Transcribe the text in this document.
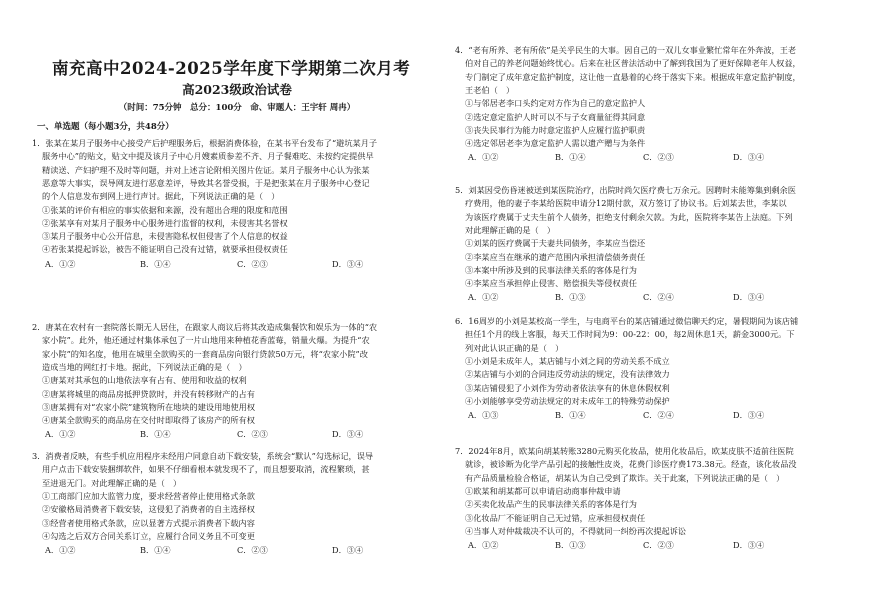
南充高中2024-2025学年度下学期第二次月考
高2023级政治试卷
（时间：75分钟　总分：100分　命、审题人：王宇轩 周冉）
一、单选题（每小题3分，共48分）
1．张某在某月子服务中心接受产后护理服务后，根据消费体验，在某书平台发布了“避坑某月子
服务中心”的贴文，贴文中提及该月子中心月嫂素质参差不齐、月子餐难吃、未按约定提供早
精读送、产妇护理不及时等问题，并对上述言论附相关图片佐证。某月子服务中心认为张某
恶意等大事实，误导网友进行恶意差评，导致其名誉受损，于是把张某在月子服务中心登记
的个人信息发布到网上进行声讨。据此，下列说法正确的是（　）
①张某的评价有相应的事实依据和来源，没有超出合理的限度和范围
②张某享有对某月子服务中心服务进行监督的权利，未侵害其名誉权
③某月子服务中心公开信息，未侵害隐私权但侵害了个人信息的权益
④若张某提起诉讼，被告不能证明自己没有过错，就要承担侵权责任
A．①②	B．①④	C．②③	D．③④
2．唐某在农村有一套院落长期无人居住，在跟家人商议后将其改造成集餐饮和娱乐为一体的“农
家小院”。此外，他还通过村集体承包了一片山地用来种植花香蓝莓，销量火爆。为提升“农
家小院”的知名度，他用在城里全款购买的一套商品房向银行贷款50万元，将“农家小院”改
造成当地的网红打卡地。据此，下列说法正确的是（　）
①唐某对其承包的山地依法享有占有、使用和收益的权利
②唐某将城里的商品房抵押贷款时，并没有转移财产的占有
③唐某拥有对“农家小院”建筑物所在地块的建设用地使用权
④唐某全款购买的商品房在交付时即取得了该房产的所有权
A．①②	B．①④	C．②③	D．③④
3．消费者反映，有些手机应用程序未经用户同意自动下载安装，系统会“默认”勾选标记，误导
用户点击下载安装捆绑软件，如果不仔细看根本就发现不了，而且想要取消，流程繁琐，甚
至进退无门。对此理解正确的是（　）
①工商部门应加大监管力度，要求经营者停止使用格式条款
②安徽格局消费者下载安装，这侵犯了消费者的自主选择权
③经营者使用格式条款，应以显著方式提示消费者下载内容
④勾选之后双方合同关系订立，应履行合同义务且不可变更
A．①②	B．①④	C．②③	D．③④
4．“老有所养、老有所依”是关乎民生的大事。因自己的一双儿女事业繁忙常年在外奔波，王老
伯对自己的养老问题始终忧心。后来在社区普法活动中了解到我国为了更好保障老年人权益，
专门制定了成年意定监护制度，这让他一直悬着的心终于落实下来。根据成年意定监护制度，
王老伯（　）
①与邻居老李口头约定对方作为自己的意定监护人
②选定意定监护人时可以不与子女商量征得其同意
③丧失民事行为能力时意定监护人应履行监护职责
④选定邻居老李为意定监护人需以遗产赠与为条件
A．①②	B．①④	C．②③	D．③④
5．刘某因受伤昏迷被送到某医院治疗，出院时尚欠医疗费七万余元。因聘时未能筹集到剩余医
疗费用，他的妻子李某给医院申请分12期付款，双方签订了协议书。后刘某去世，李某以
为该医疗费属于丈夫生前个人债务，拒绝支付剩余欠款。为此，医院将李某告上法庭。下列
对此理解正确的是（　）
①刘某的医疗费属于夫妻共同债务，李某应当偿还
②李某应当在继承的遗产范围内承担清偿债务责任
③本案中所涉及到的民事法律关系的客体是行为
④李某应当承担停止侵害、赔偿损失等侵权责任
A．①②	B．①③	C．②④	D．③④
6．16周岁的小刘是某校高一学生，与电商平台的某店铺通过微信聊天约定，暑假期间为该店铺
担任1个月的线上客服，每天工作时间为9：00-22：00，每2周休息1天，薪金3000元。下
列对此认识正确的是（　）
①小刘是未成年人，某店铺与小刘之间的劳动关系不成立
②某店铺与小刘的合同违反劳动法的规定，没有法律效力
③某店铺侵犯了小刘作为劳动者依法享有的休息休假权利
④小刘能够享受劳动法规定的对未成年工的特殊劳动保护
A．①③	B．①④	C．②④	D．③④
7．2024年8月，欧某向胡某转账3280元购买化妆品，使用化妆品后，欧某皮肤不适前往医院
就诊，被诊断为化学产品引起的接触性皮炎，花费门诊医疗费173.38元。经查，该化妆品没
有产品质量检验合格证，胡某认为自己受到了欺诈。关于此案，下列说法正确的是（　）
①欧某和胡某都可以申请启动商事仲裁申请
②买卖化妆品产生的民事法律关系的客体是行为
③化妆品厂不能证明自己无过错，应承担侵权责任
④当事人对仲裁裁决不认可的，不得就同一纠纷再次提起诉讼
A．①②	B．①③	C．②③	D．③④
